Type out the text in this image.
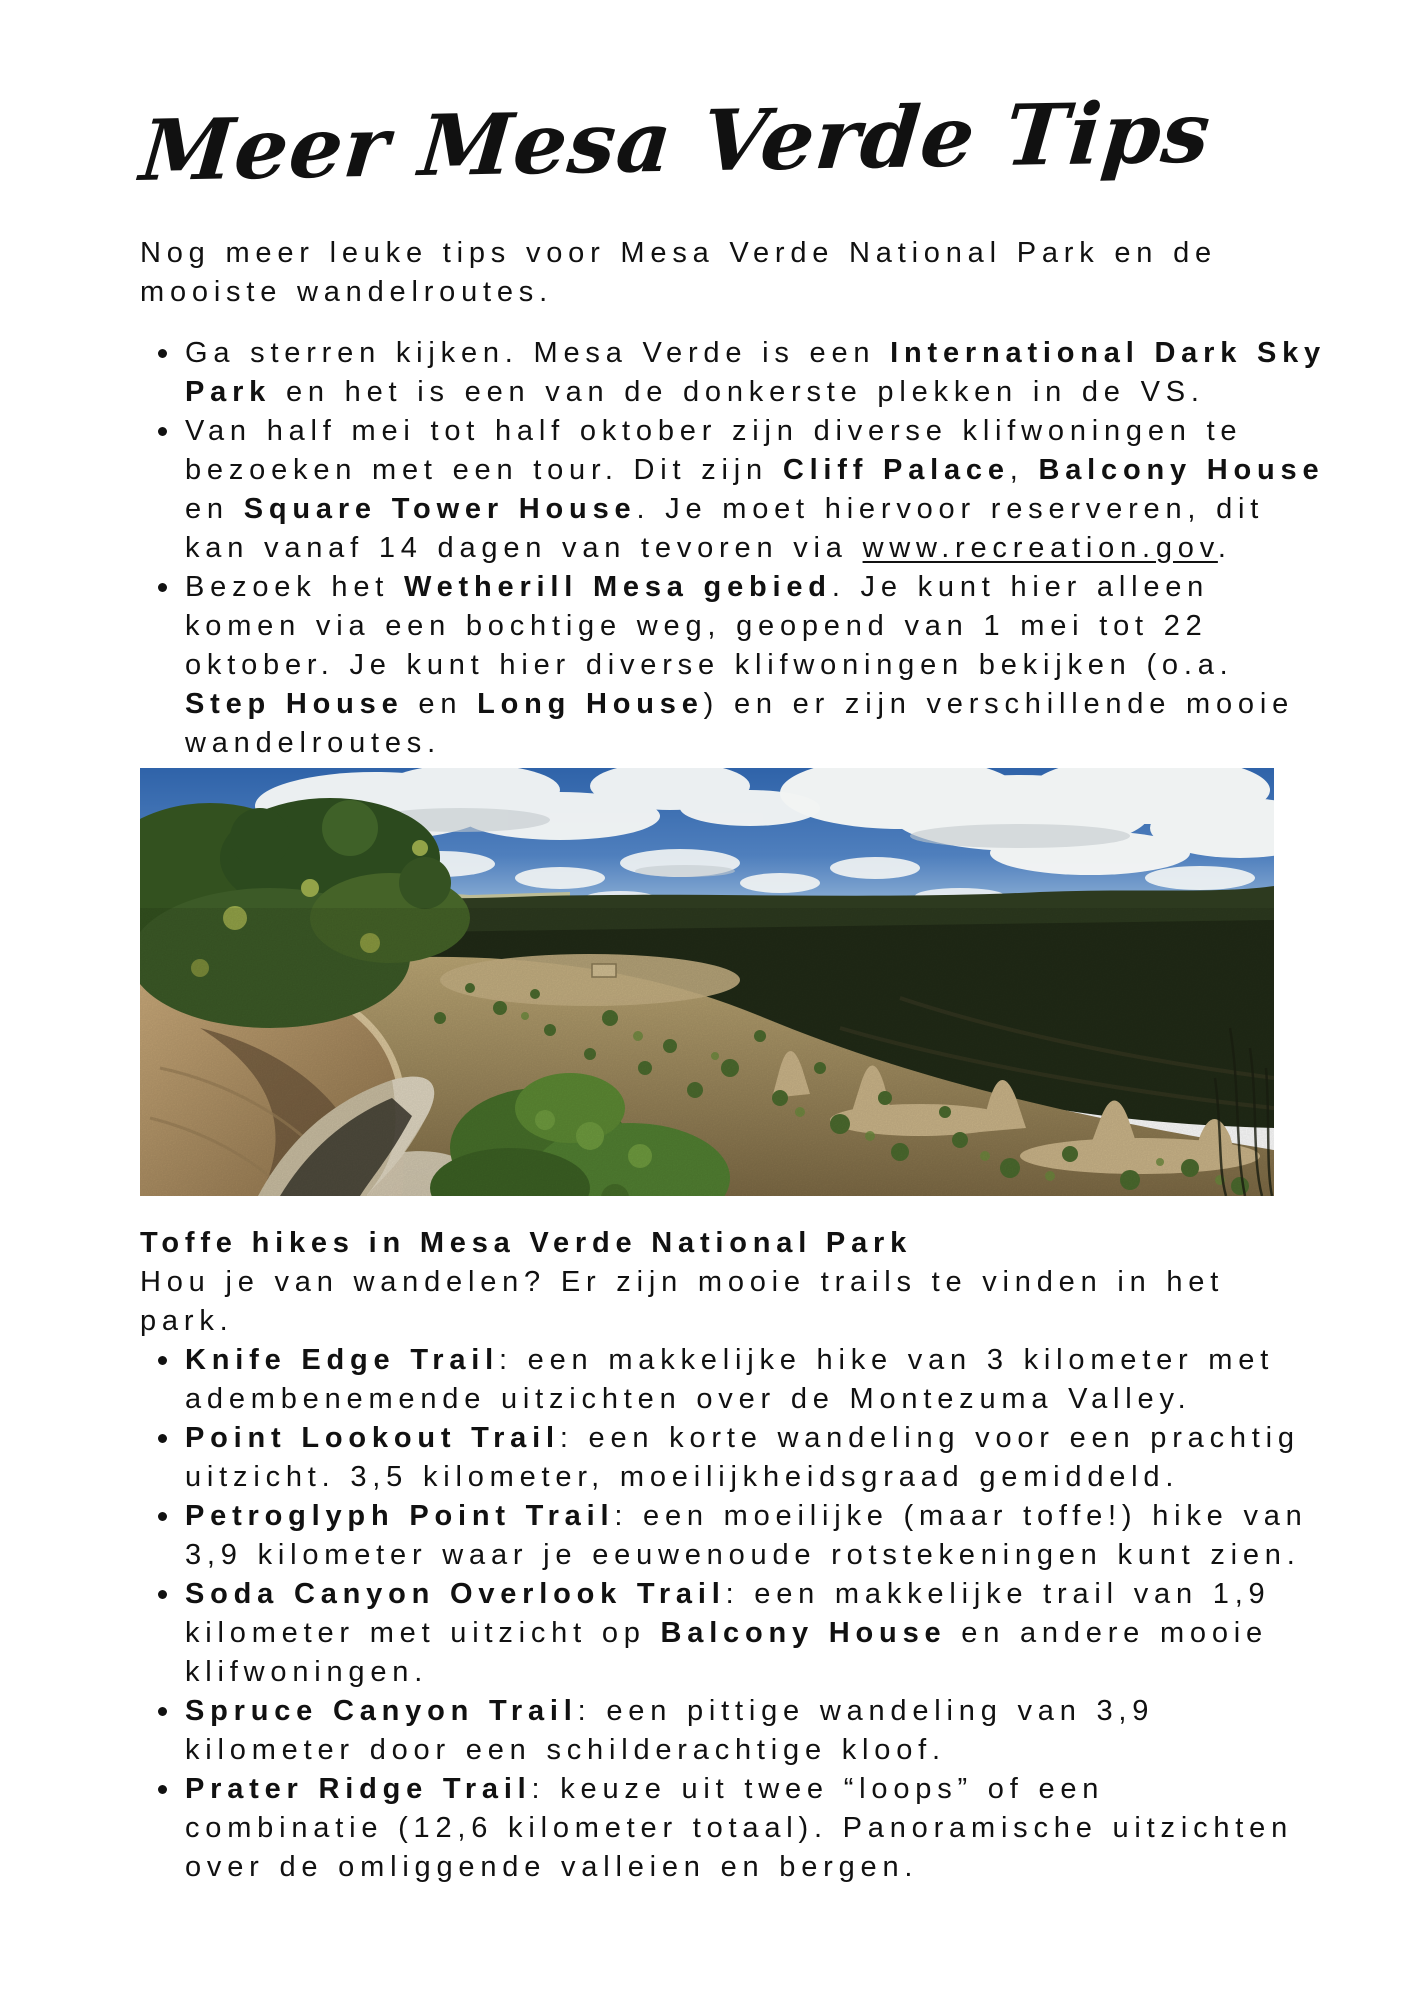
Meer Mesa Verde Tips

Nog meer leuke tips voor Mesa Verde National Park en de
mooiste wandelroutes.

Ga sterren kijken. Mesa Verde is een International Dark Sky
Park en het is een van de donkerste plekken in de VS.
Van half mei tot half oktober zijn diverse klifwoningen te
bezoeken met een tour. Dit zijn Cliff Palace, Balcony House
en Square Tower House. Je moet hiervoor reserveren, dit
kan vanaf 14 dagen van tevoren via www.recreation.gov.
Bezoek het Wetherill Mesa gebied. Je kunt hier alleen
komen via een bochtige weg, geopend van 1 mei tot 22
oktober. Je kunt hier diverse klifwoningen bekijken (o.a.
Step House en Long House) en er zijn verschillende mooie
wandelroutes.
Toffe hikes in Mesa Verde National Park

Hou je van wandelen? Er zijn mooie trails te vinden in het
park.

Knife Edge Trail: een makkelijke hike van 3 kilometer met
adembenemende uitzichten over de Montezuma Valley.
Point Lookout Trail: een korte wandeling voor een prachtig
uitzicht. 3,5 kilometer, moeilijkheidsgraad gemiddeld.
Petroglyph Point Trail: een moeilijke (maar toffe!) hike van
3,9 kilometer waar je eeuwenoude rotstekeningen kunt zien.
Soda Canyon Overlook Trail: een makkelijke trail van 1,9
kilometer met uitzicht op Balcony House en andere mooie
klifwoningen.
Spruce Canyon Trail: een pittige wandeling van 3,9
kilometer door een schilderachtige kloof.
Prater Ridge Trail: keuze uit twee “loops” of een
combinatie (12,6 kilometer totaal). Panoramische uitzichten
over de omliggende valleien en bergen.
